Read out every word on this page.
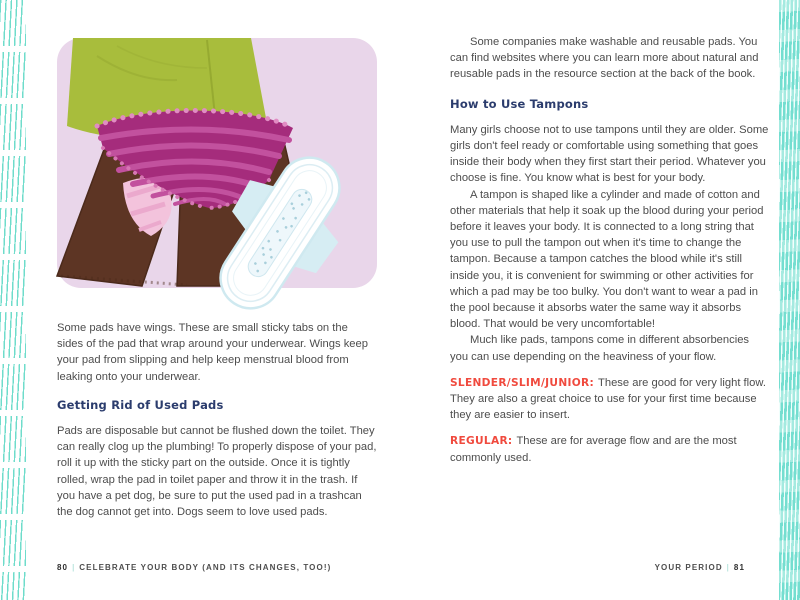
Some pads have wings. These are small sticky tabs on the sides of the pad that wrap around your underwear. Wings keep your pad from slipping and help keep menstrual blood from leaking onto your underwear.

Getting Rid of Used Pads

Pads are disposable but cannot be flushed down the toilet. They can really clog up the plumbing! To properly dispose of your pad, roll it up with the sticky part on the outside. Once it is tightly rolled, wrap the pad in toilet paper and throw it in the trash. If you have a pet dog, be sure to put the used pad in a trashcan the dog cannot get into. Dogs seem to love used pads.

Some companies make washable and reusable pads. You can find websites where you can learn more about natural and reusable pads in the resource section at the back of the book.

How to Use Tampons

Many girls choose not to use tampons until they are older. Some girls don't feel ready or comfortable using something that goes inside their body when they first start their period. Whatever you choose is fine. You know what is best for your body.

A tampon is shaped like a cylinder and made of cotton and other materials that help it soak up the blood during your period before it leaves your body. It is connected to a long string that you use to pull the tampon out when it's time to change the tampon. Because a tampon catches the blood while it's still inside you, it is convenient for swimming or other activities for which a pad may be too bulky. You don't want to wear a pad in the pool because it absorbs water the same way it absorbs blood. That would be very uncomfortable!

Much like pads, tampons come in different absorbencies you can use depending on the heaviness of your flow.

SLENDER/SLIM/JUNIOR: These are good for very light flow. They are also a great choice to use for your first time because they are easier to insert.

REGULAR: These are for average flow and are the most commonly used.

80 | CELEBRATE YOUR BODY (AND ITS CHANGES, TOO!)	YOUR PERIOD | 81
